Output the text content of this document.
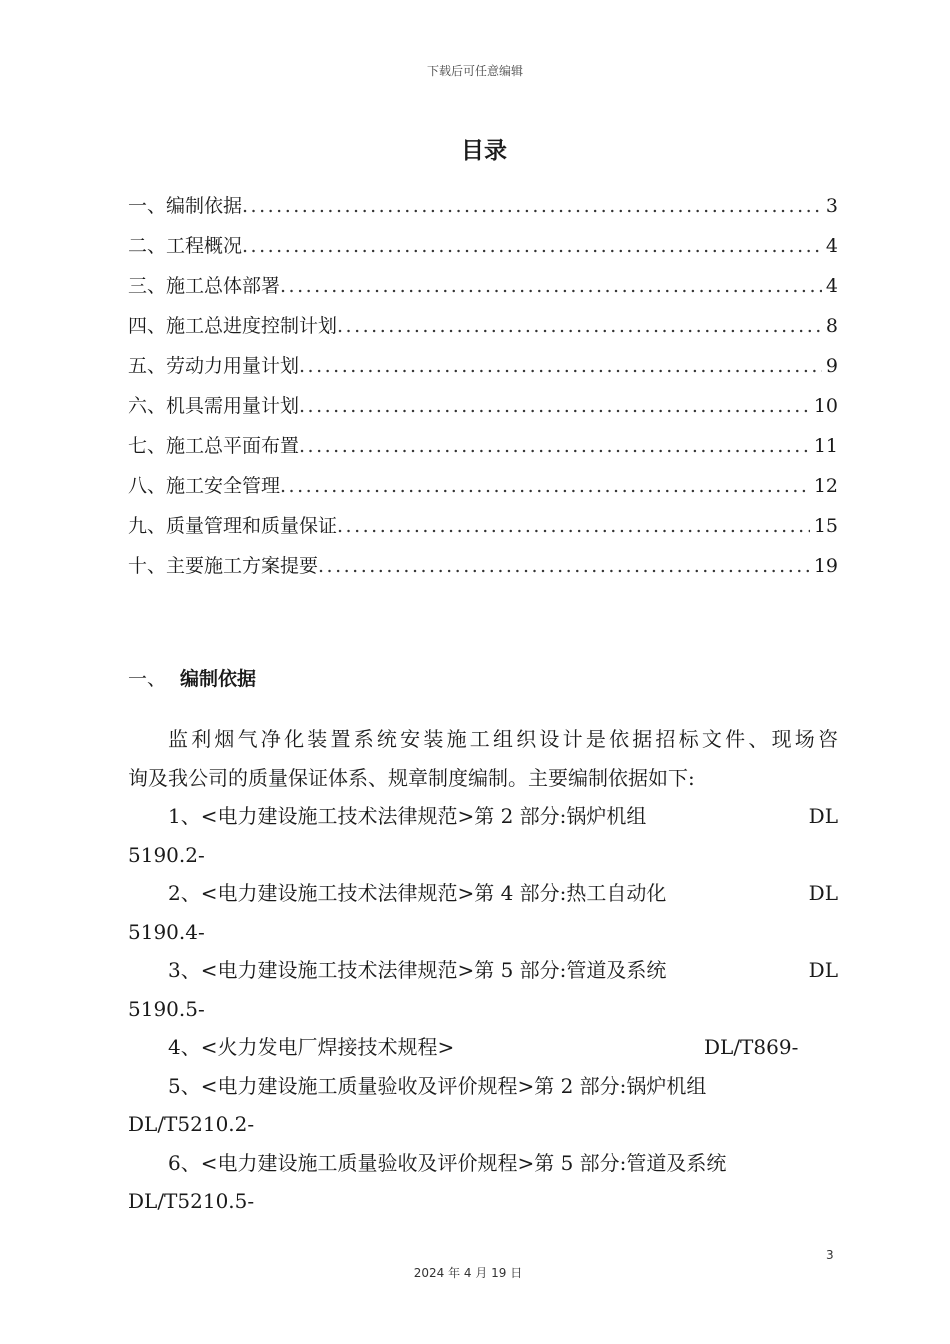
下载后可任意编辑
目录
一、编制依据 .....	3
二、工程概况 .....	4
三、施工总体部署 .....	4
四、施工总进度控制计划 .....	8
五、劳动力用量计划 .....	9
六、机具需用量计划 .....	10
七、施工总平面布置 .....	11
八、施工安全管理 .....	12
九、质量管理和质量保证 .....	15
十、主要施工方案提要 .....	19
一、 编制依据
监利烟气净化装置系统安装施工组织设计是依据招标文件、现场咨
询及我公司的质量保证体系、规章制度编制。主要编制依据如下:
1、<电力建设施工技术法律规范>第 2 部分:锅炉机组	DL
5190.2-
2、<电力建设施工技术法律规范>第 4 部分:热工自动化	DL
5190.4-
3、<电力建设施工技术法律规范>第 5 部分:管道及系统	DL
5190.5-
4、<火力发电厂焊接技术规程>	DL/T869-
5、<电力建设施工质量验收及评价规程>第 2 部分:锅炉机组
DL/T5210.2-
6、<电力建设施工质量验收及评价规程>第 5 部分:管道及系统
DL/T5210.5-
3
2024 年 4 月 19 日
